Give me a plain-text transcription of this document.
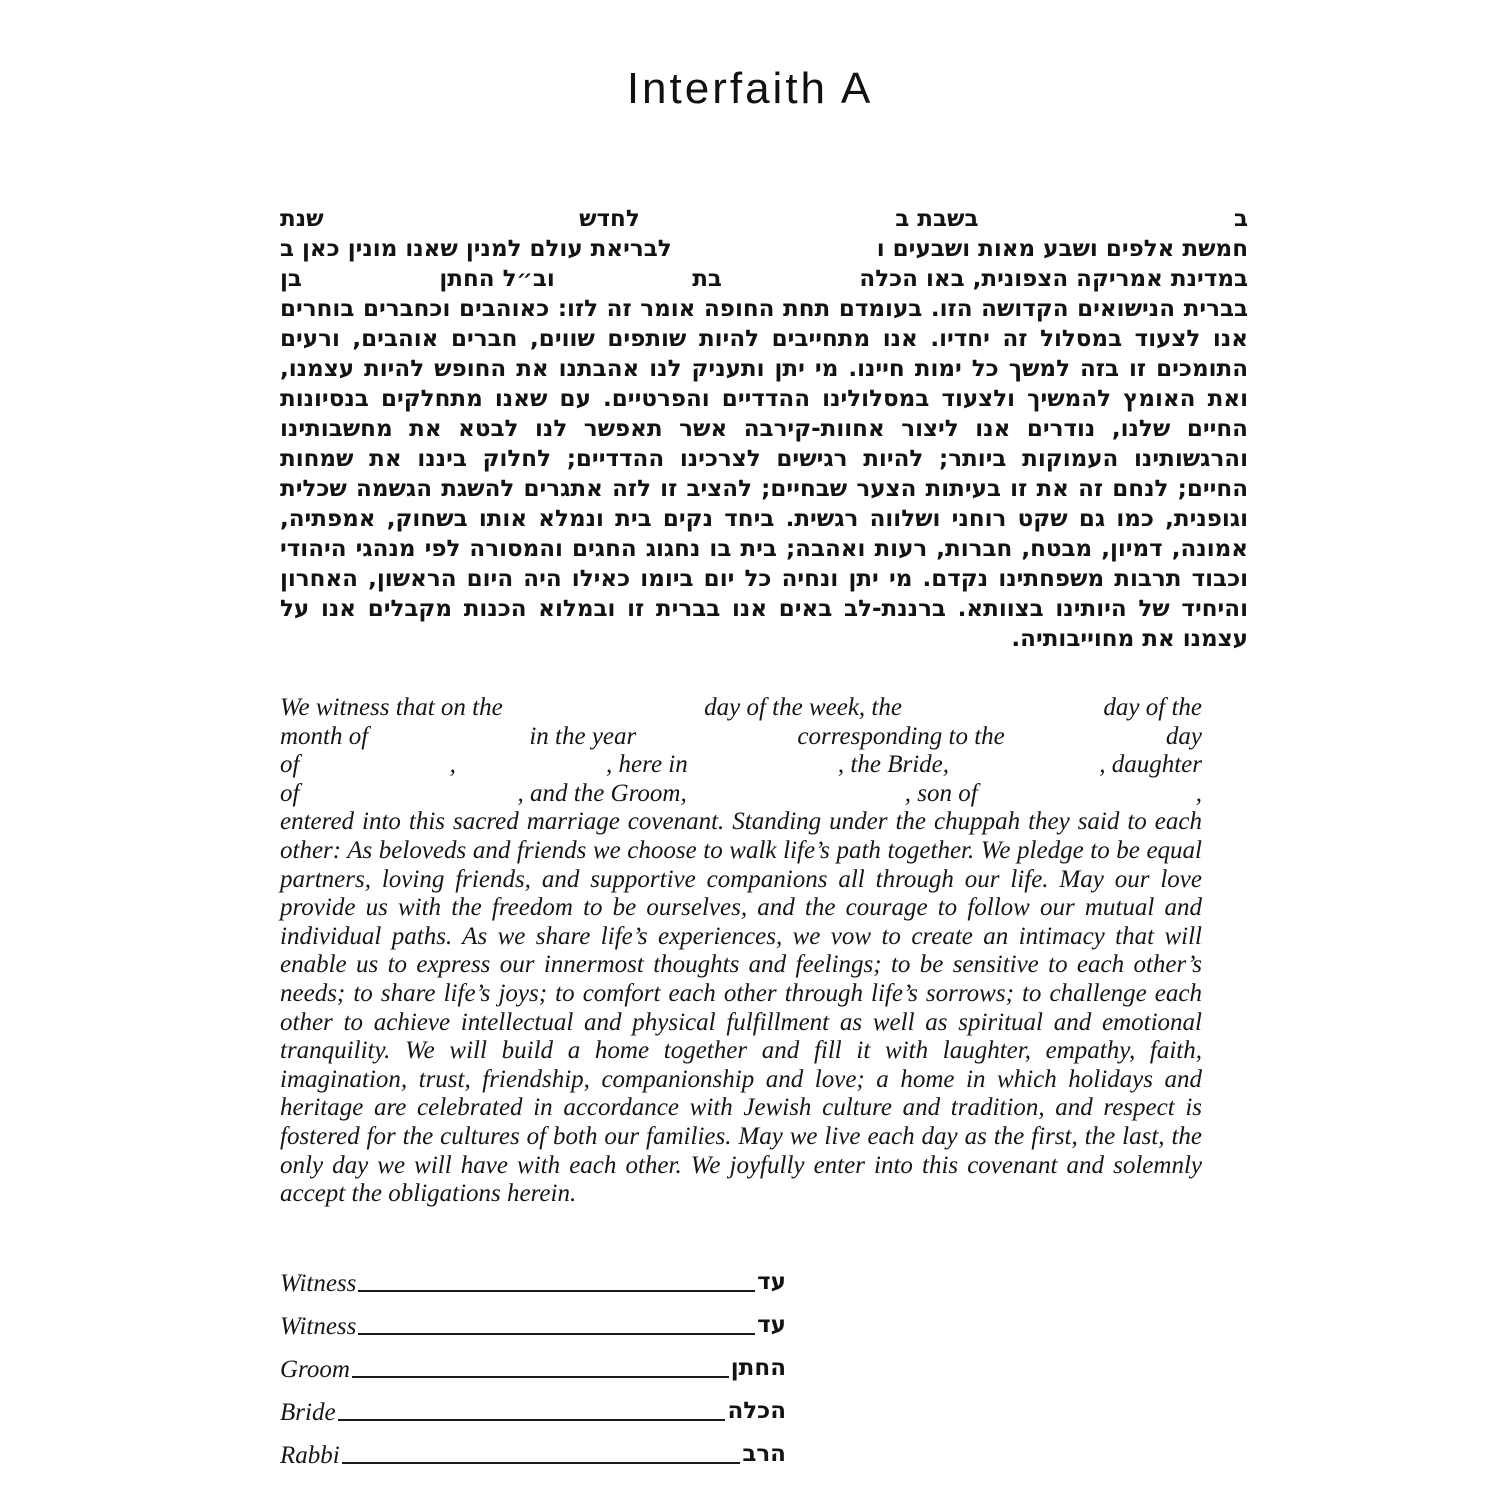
Interfaith A
ב
בשבת ב
לחדש
שנת
חמשת אלפים ושבע מאות ושבעים ו
לבריאת עולם למנין שאנו מונין כאן ב
במדינת אמריקה הצפונית, באו הכלה
בת
וב״ל החתן
בן

בברית הנישואים הקדושה הזו. בעומדם תחת החופה אומר זה לזו: כאוהבים וכחברים בוחרים אנו לצעוד במסלול זה יחדיו. אנו מתחייבים להיות שותפים שווים, חברים אוהבים, ורעים התומכים זו בזה למשך כל ימות חיינו. מי יתן ותעניק לנו אהבתנו את החופש להיות עצמנו, ואת האומץ להמשיך ולצעוד במסלולינו ההדדיים והפרטיים. עם שאנו מתחלקים בנסיונות החיים שלנו, נודרים אנו ליצור אחוות-קירבה אשר תאפשר לנו לבטא את מחשבותינו והרגשותינו העמוקות ביותר; להיות רגישים לצרכינו ההדדיים; לחלוק ביננו את שמחות החיים; לנחם זה את זו בעיתות הצער שבחיים; להציב זו לזה אתגרים להשגת הגשמה שכלית וגופנית, כמו גם שקט רוחני ושלווה רגשית. ביחד נקים בית ונמלא אותו בשחוק, אמפתיה, אמונה, דמיון, מבטח, חברות, רעות ואהבה; בית בו נחגוג החגים והמסורה לפי מנהגי היהודי וכבוד תרבות משפחתינו נקדם. מי יתן ונחיה כל יום ביומו כאילו היה היום הראשון, האחרון והיחיד של היותינו בצוותא. ברננת-לב באים אנו בברית זו ובמלוא הכנות מקבלים אנו על עצמנו את מחוייבותיה.

We witness that on the	day of the week, the	day of the
month of	in the year	corresponding to the	day
of	,	, here in	, the Bride,	, daughter
of	, and the Groom,	, son of	,

entered into this sacred marriage covenant. Standing under the chuppah they said to each other: As beloveds and friends we choose to walk life’s path together. We pledge to be equal partners, loving friends, and supportive companions all through our life. May our love provide us with the freedom to be ourselves, and the courage to follow our mutual and individual paths. As we share life’s experiences, we vow to create an intimacy that will enable us to express our innermost thoughts and feelings; to be sensitive to each other’s needs; to share life’s joys; to comfort each other through life’s sorrows; to challenge each other to achieve intellectual and physical fulfillment as well as spiritual and emotional tranquility. We will build a home together and fill it with laughter, empathy, faith, imagination, trust, friendship, companionship and love; a home in which holidays and heritage are celebrated in accordance with Jewish culture and tradition, and respect is fostered for the cultures of both our families. May we live each day as the first, the last, the only day we will have with each other. We joyfully enter into this covenant and solemnly accept the obligations herein.

Witness	עד
Witness	עד
Groom	החתן
Bride	הכלה
Rabbi	הרב
